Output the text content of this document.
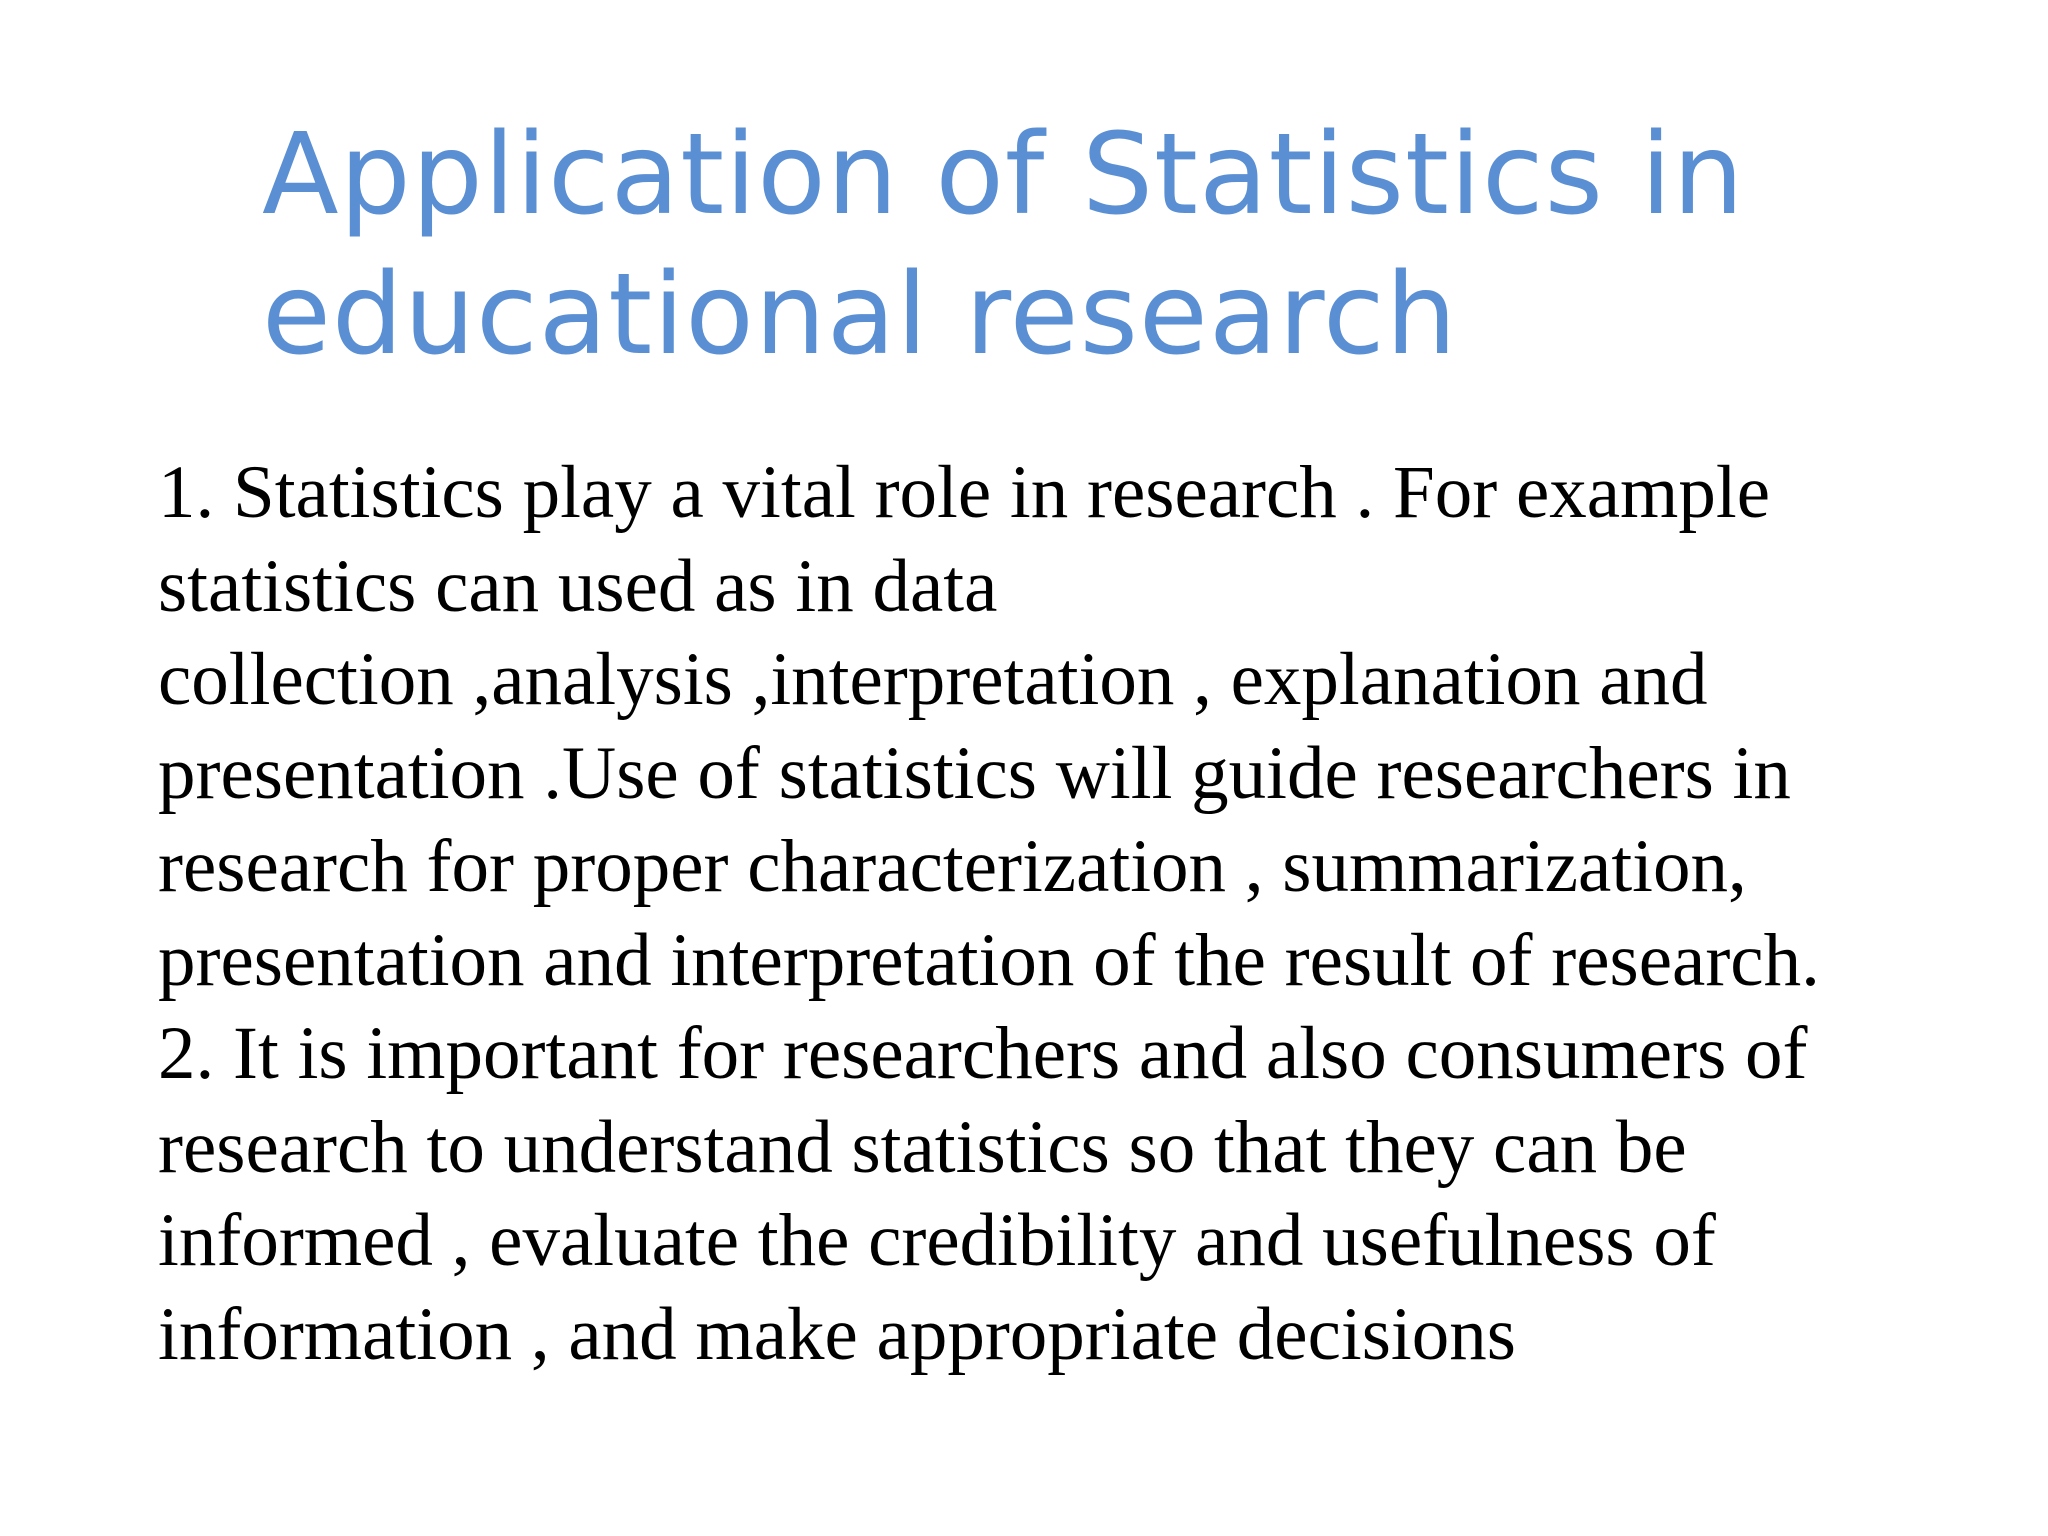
Application of Statistics in
educational research
1. Statistics play a vital role in research . For example
statistics can used as in data
collection ,analysis ,interpretation , explanation and
presentation .Use of statistics will guide researchers in
research for proper characterization , summarization,
presentation and interpretation of the result of research.
2. It is important for researchers and also consumers of
research to understand statistics so that they can be
informed , evaluate the credibility and usefulness of
information , and make appropriate decisions
